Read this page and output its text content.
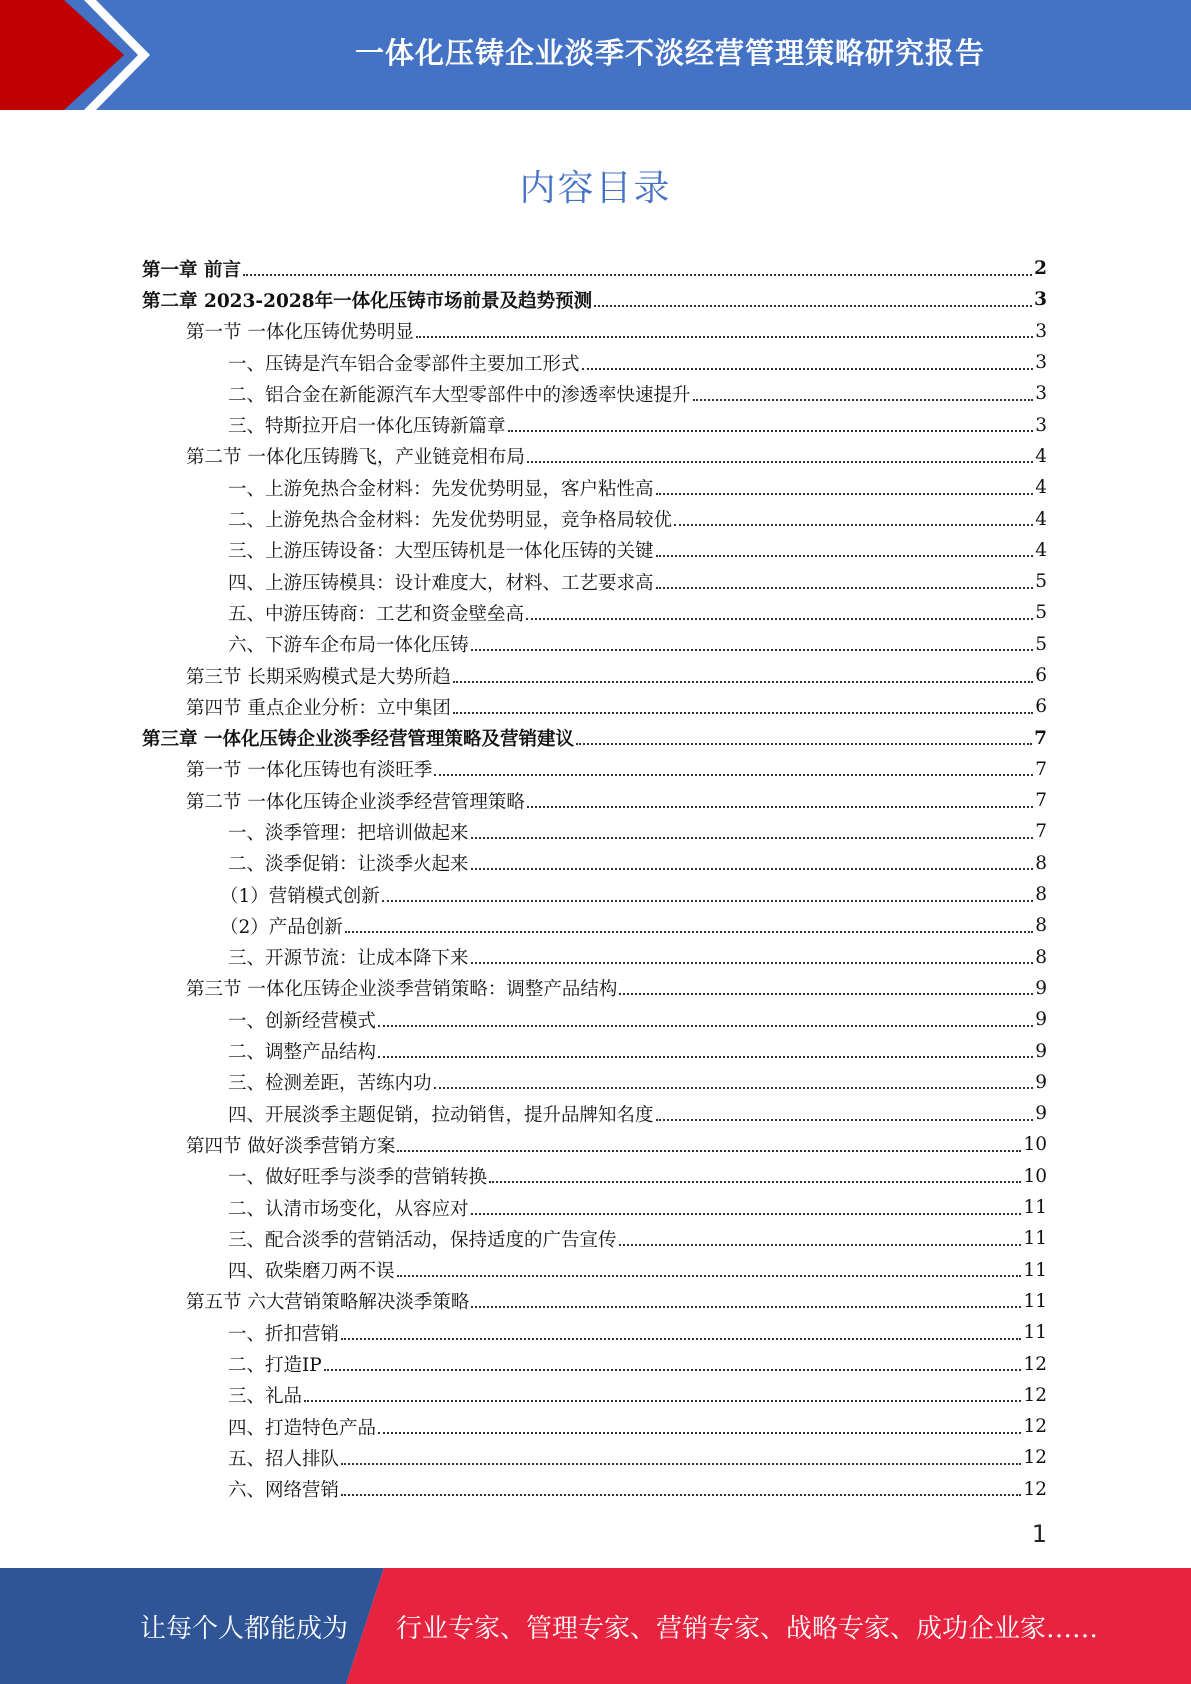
一体化压铸企业淡季不淡经营管理策略研究报告
内容目录
第一章 前言	2
第二章 2023-2028年一体化压铸市场前景及趋势预测	3
第一节 一体化压铸优势明显	3
一、压铸是汽车铝合金零部件主要加工形式	3
二、铝合金在新能源汽车大型零部件中的渗透率快速提升	3
三、特斯拉开启一体化压铸新篇章	3
第二节 一体化压铸腾飞，产业链竞相布局	4
一、上游免热合金材料：先发优势明显，客户粘性高	4
二、上游免热合金材料：先发优势明显，竞争格局较优	4
三、上游压铸设备：大型压铸机是一体化压铸的关键	4
四、上游压铸模具：设计难度大，材料、工艺要求高	5
五、中游压铸商：工艺和资金壁垒高	5
六、下游车企布局一体化压铸	5
第三节 长期采购模式是大势所趋	6
第四节 重点企业分析：立中集团	6
第三章 一体化压铸企业淡季经营管理策略及营销建议	7
第一节 一体化压铸也有淡旺季	7
第二节 一体化压铸企业淡季经营管理策略	7
一、淡季管理：把培训做起来	7
二、淡季促销：让淡季火起来	8
（1）营销模式创新	8
（2）产品创新	8
三、开源节流：让成本降下来	8
第三节 一体化压铸企业淡季营销策略：调整产品结构	9
一、创新经营模式	9
二、调整产品结构	9
三、检测差距，苦练内功	9
四、开展淡季主题促销，拉动销售，提升品牌知名度	9
第四节 做好淡季营销方案	10
一、做好旺季与淡季的营销转换	10
二、认清市场变化，从容应对	11
三、配合淡季的营销活动，保持适度的广告宣传	11
四、砍柴磨刀两不误	11
第五节 六大营销策略解决淡季策略	11
一、折扣营销	11
二、打造IP	12
三、礼品	12
四、打造特色产品	12
五、招人排队	12
六、网络营销	12
1
让每个人都能成为 行业专家、管理专家、营销专家、战略专家、成功企业家……
